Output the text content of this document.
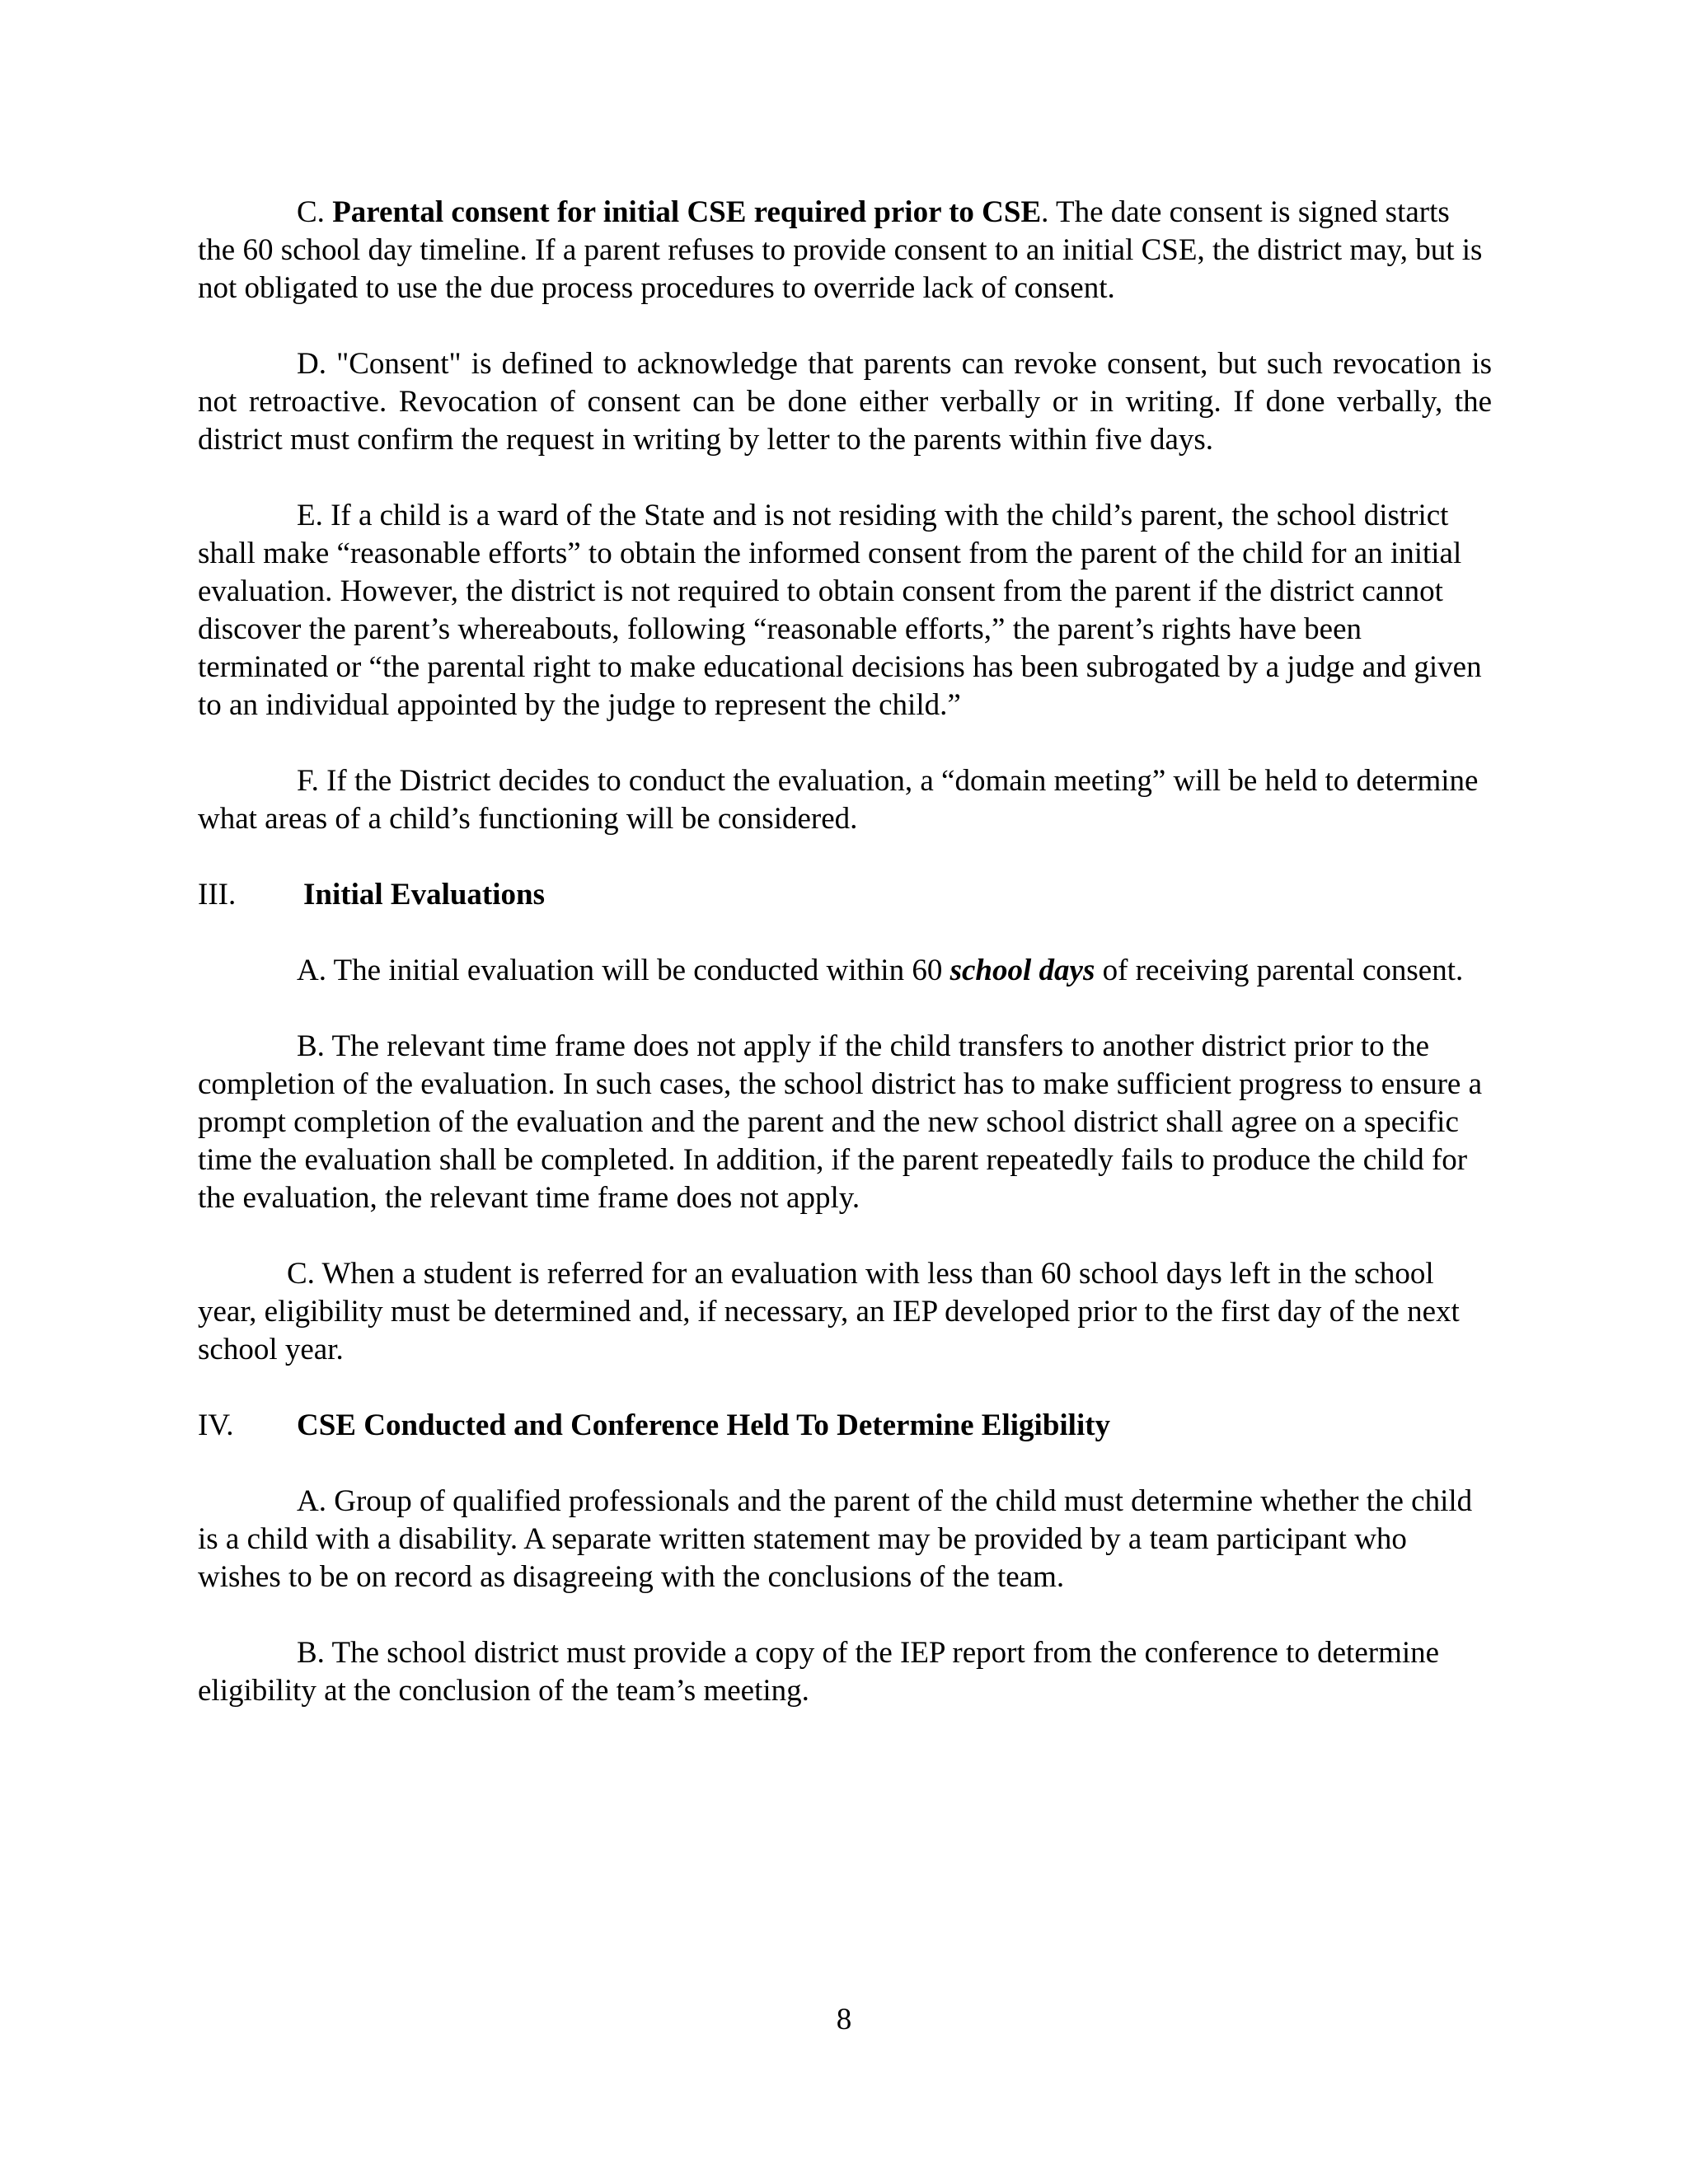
C. Parental consent for initial CSE required prior to CSE. The date consent is signed starts the 60 school day timeline. If a parent refuses to provide consent to an initial CSE, the district may, but is not obligated to use the due process procedures to override lack of consent.

D. "Consent" is defined to acknowledge that parents can revoke consent, but such revocation is not retroactive. Revocation of consent can be done either verbally or in writing. If done verbally, the district must confirm the request in writing by letter to the parents within five days.

E. If a child is a ward of the State and is not residing with the child’s parent, the school district shall make “reasonable efforts” to obtain the informed consent from the parent of the child for an initial evaluation. However, the district is not required to obtain consent from the parent if the district cannot discover the parent’s whereabouts, following “reasonable efforts,” the parent’s rights have been terminated or “the parental right to make educational decisions has been subrogated by a judge and given to an individual appointed by the judge to represent the child.”

F. If the District decides to conduct the evaluation, a “domain meeting” will be held to determine what areas of a child’s functioning will be considered.

III. Initial Evaluations

A. The initial evaluation will be conducted within 60 school days of receiving parental consent.

B. The relevant time frame does not apply if the child transfers to another district prior to the completion of the evaluation. In such cases, the school district has to make sufficient progress to ensure a prompt completion of the evaluation and the parent and the new school district shall agree on a specific time the evaluation shall be completed. In addition, if the parent repeatedly fails to produce the child for the evaluation, the relevant time frame does not apply.

C. When a student is referred for an evaluation with less than 60 school days left in the school year, eligibility must be determined and, if necessary, an IEP developed prior to the first day of the next school year.

IV. CSE Conducted and Conference Held To Determine Eligibility

A. Group of qualified professionals and the parent of the child must determine whether the child is a child with a disability. A separate written statement may be provided by a team participant who wishes to be on record as disagreeing with the conclusions of the team.

B. The school district must provide a copy of the IEP report from the conference to determine eligibility at the conclusion of the team’s meeting.

8
